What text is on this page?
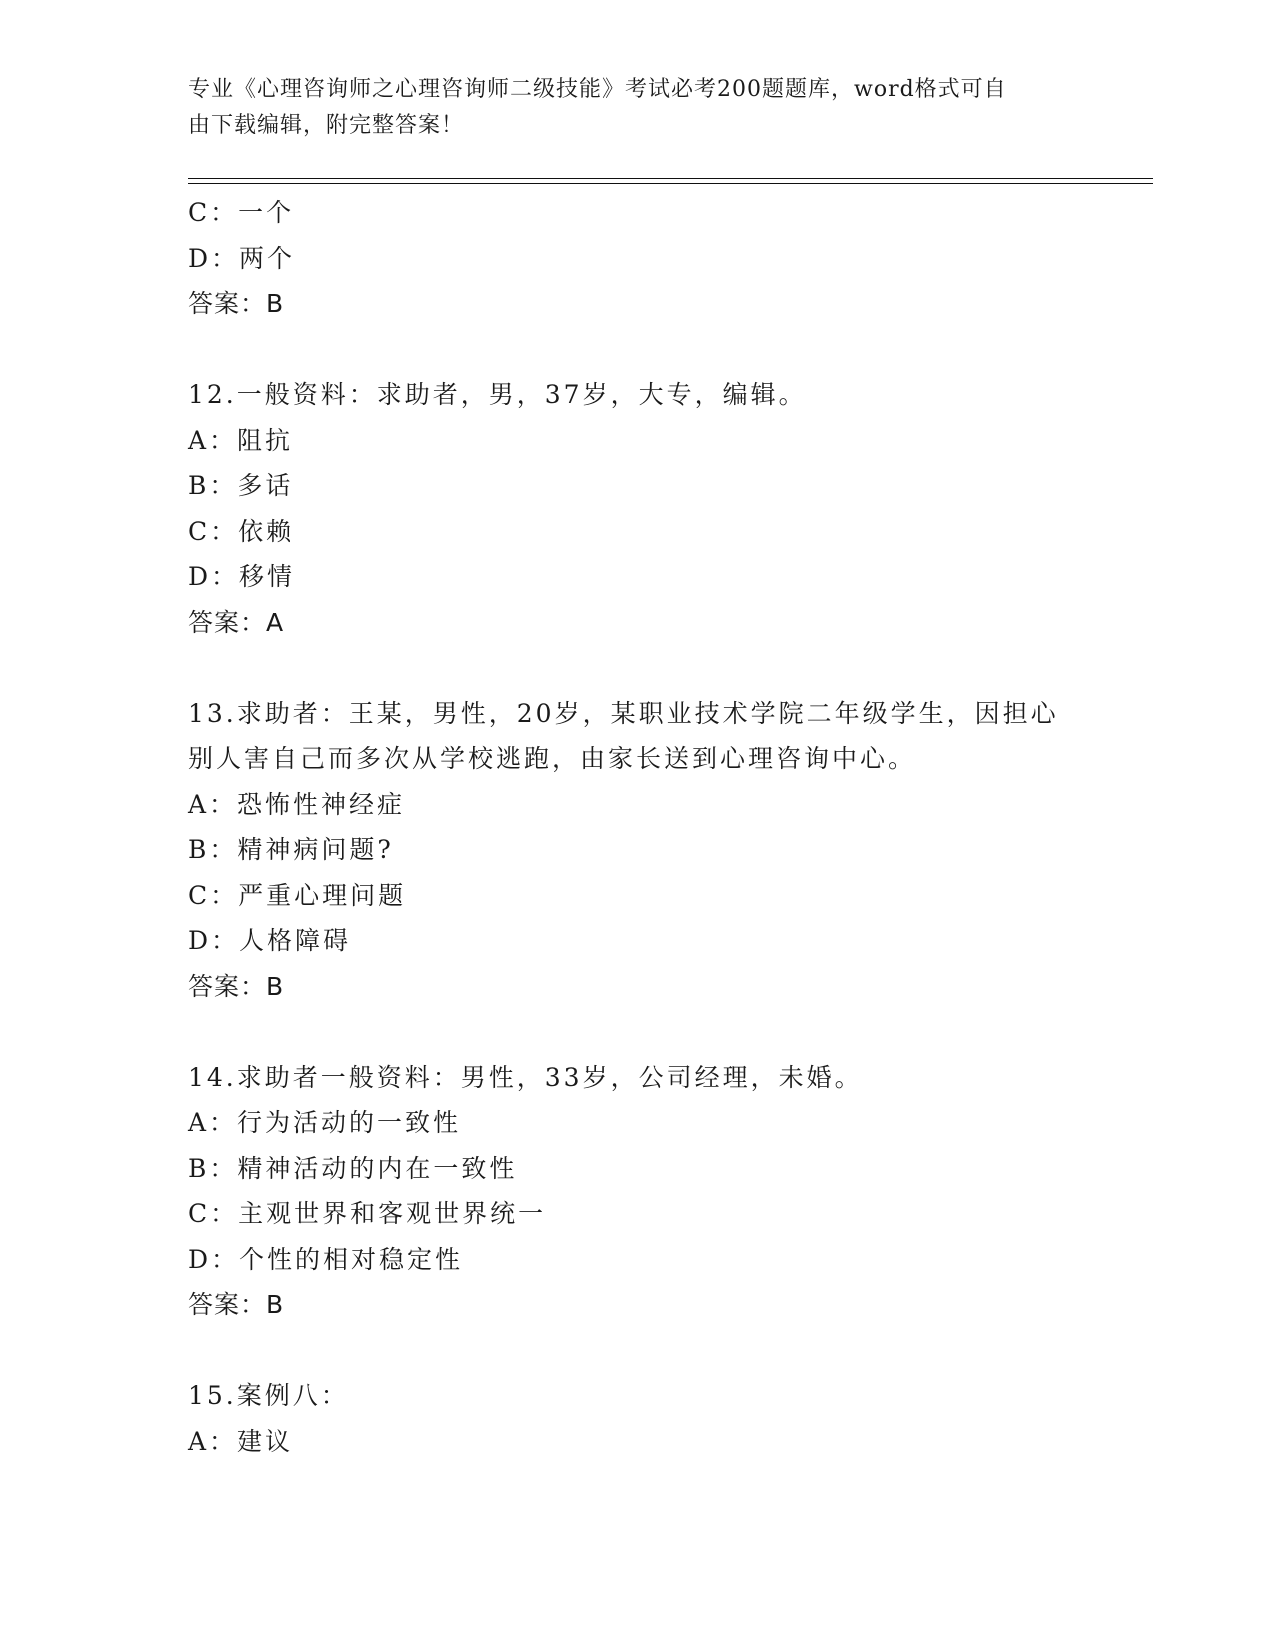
专业《心理咨询师之心理咨询师二级技能》考试必考200题题库，word格式可自
由下载编辑，附完整答案！
C：一个
D：两个
答案：B
12.一般资料：求助者，男，37岁，大专，编辑。
A：阻抗
B：多话
C：依赖
D：移情
答案：A
13.求助者：王某，男性，20岁，某职业技术学院二年级学生，因担心
别人害自己而多次从学校逃跑，由家长送到心理咨询中心。
A：恐怖性神经症
B：精神病问题?
C：严重心理问题
D：人格障碍
答案：B
14.求助者一般资料：男性，33岁，公司经理，未婚。
A：行为活动的一致性
B：精神活动的内在一致性
C：主观世界和客观世界统一
D：个性的相对稳定性
答案：B
15.案例八：
A：建议
